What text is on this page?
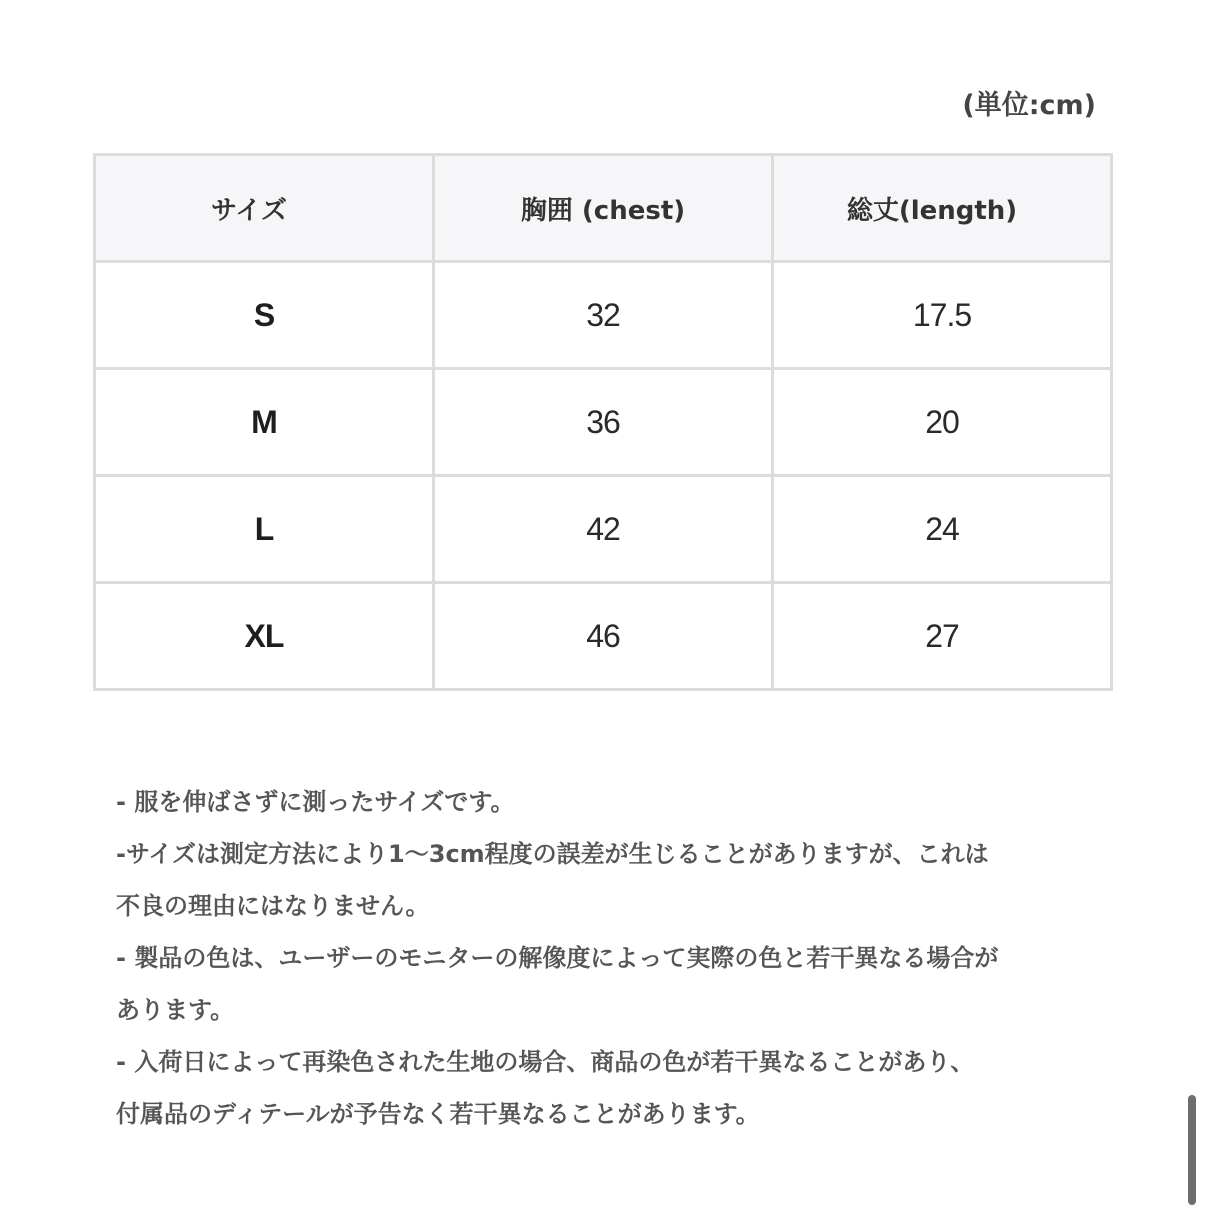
(単位:cm)
サイズ	胸囲 (chest)	総丈(length)
S	32	17.5
M	36	20
L	42	24
XL	46	27

- 服を伸ばさずに測ったサイズです。

-サイズは測定方法により1〜3cm程度の誤差が生じることがありますが、これは

不良の理由にはなりません。

- 製品の色は、ユーザーのモニターの解像度によって実際の色と若干異なる場合が

あります。

- 入荷日によって再染色された生地の場合、商品の色が若干異なることがあり、

付属品のディテールが予告なく若干異なることがあります。
